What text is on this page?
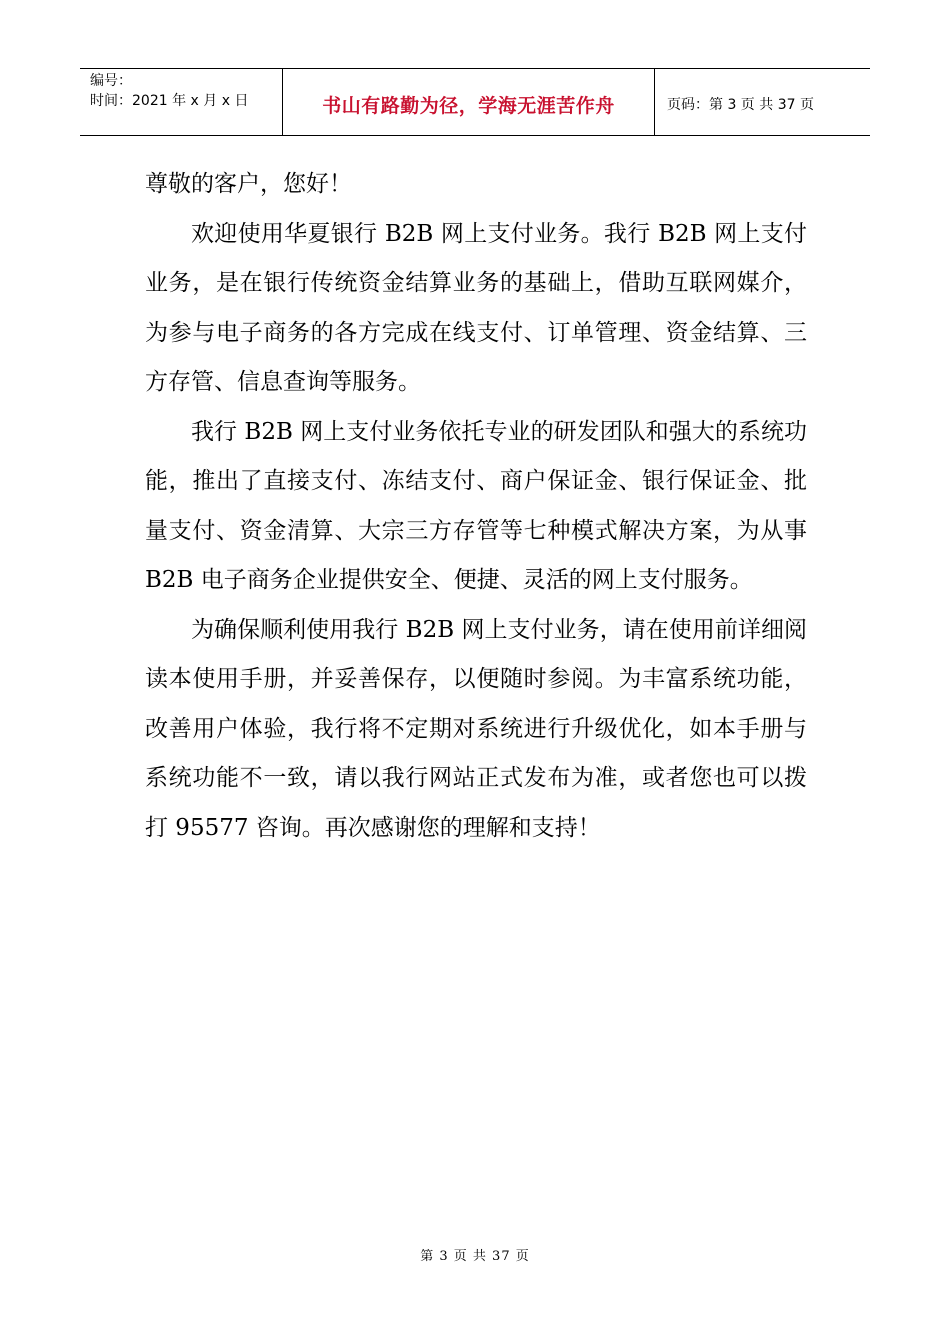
编号：
时间：2021 年 x 月 x 日	书山有路勤为径，学海无涯苦作舟	页码：第 3 页 共 37 页

尊敬的客户，您好！

欢迎使用华夏银行 B2B 网上支付业务。我行 B2B 网上支付业务，是在银行传统资金结算业务的基础上，借助互联网媒介，为参与电子商务的各方完成在线支付、订单管理、资金结算、三方存管、信息查询等服务。

我行 B2B 网上支付业务依托专业的研发团队和强大的系统功能，推出了直接支付、冻结支付、商户保证金、银行保证金、批量支付、资金清算、大宗三方存管等七种模式解决方案，为从事 B2B 电子商务企业提供安全、便捷、灵活的网上支付服务。

为确保顺利使用我行 B2B 网上支付业务，请在使用前详细阅读本使用手册，并妥善保存，以便随时参阅。为丰富系统功能，改善用户体验，我行将不定期对系统进行升级优化，如本手册与系统功能不一致，请以我行网站正式发布为准，或者您也可以拨打 95577 咨询。再次感谢您的理解和支持！

第 3 页 共 37 页
